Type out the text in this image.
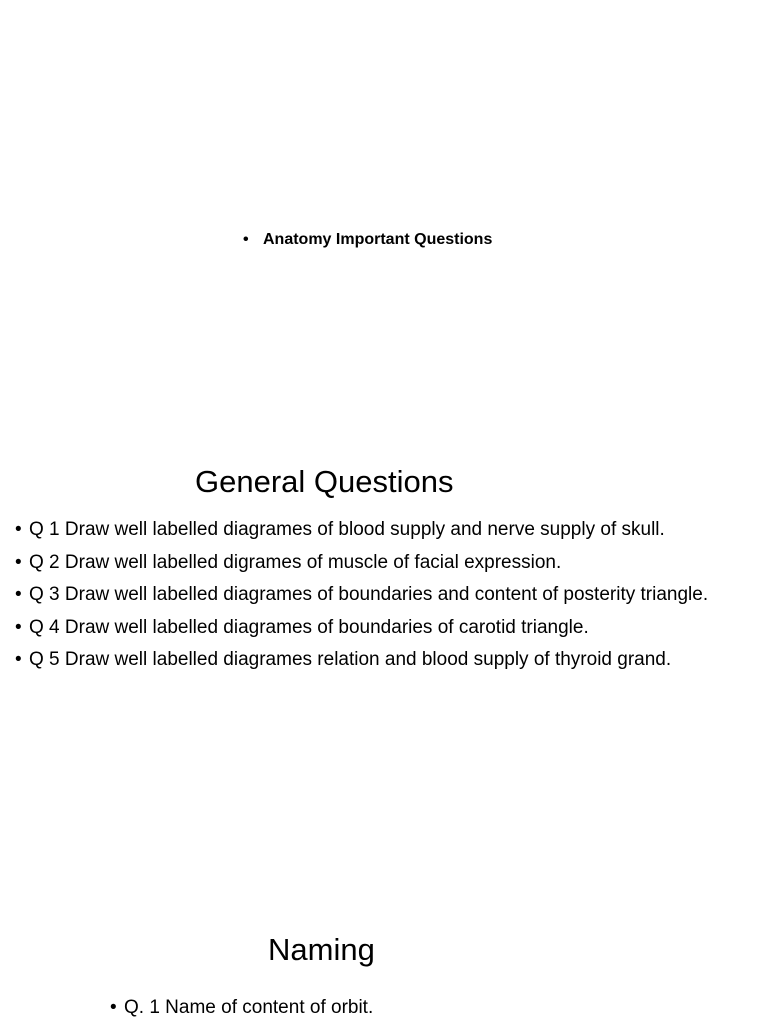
• Anatomy Important Questions
General Questions
• Q 1 Draw well labelled diagrames of blood supply and nerve supply of skull.
• Q 2 Draw well labelled digrames of muscle of facial expression.
• Q 3 Draw well labelled diagrames of boundaries and content of posterity triangle.
• Q 4 Draw well labelled diagrames of boundaries of carotid triangle.
• Q 5 Draw well labelled diagrames relation and blood supply of thyroid grand.
Naming
• Q. 1 Name of content of orbit.
